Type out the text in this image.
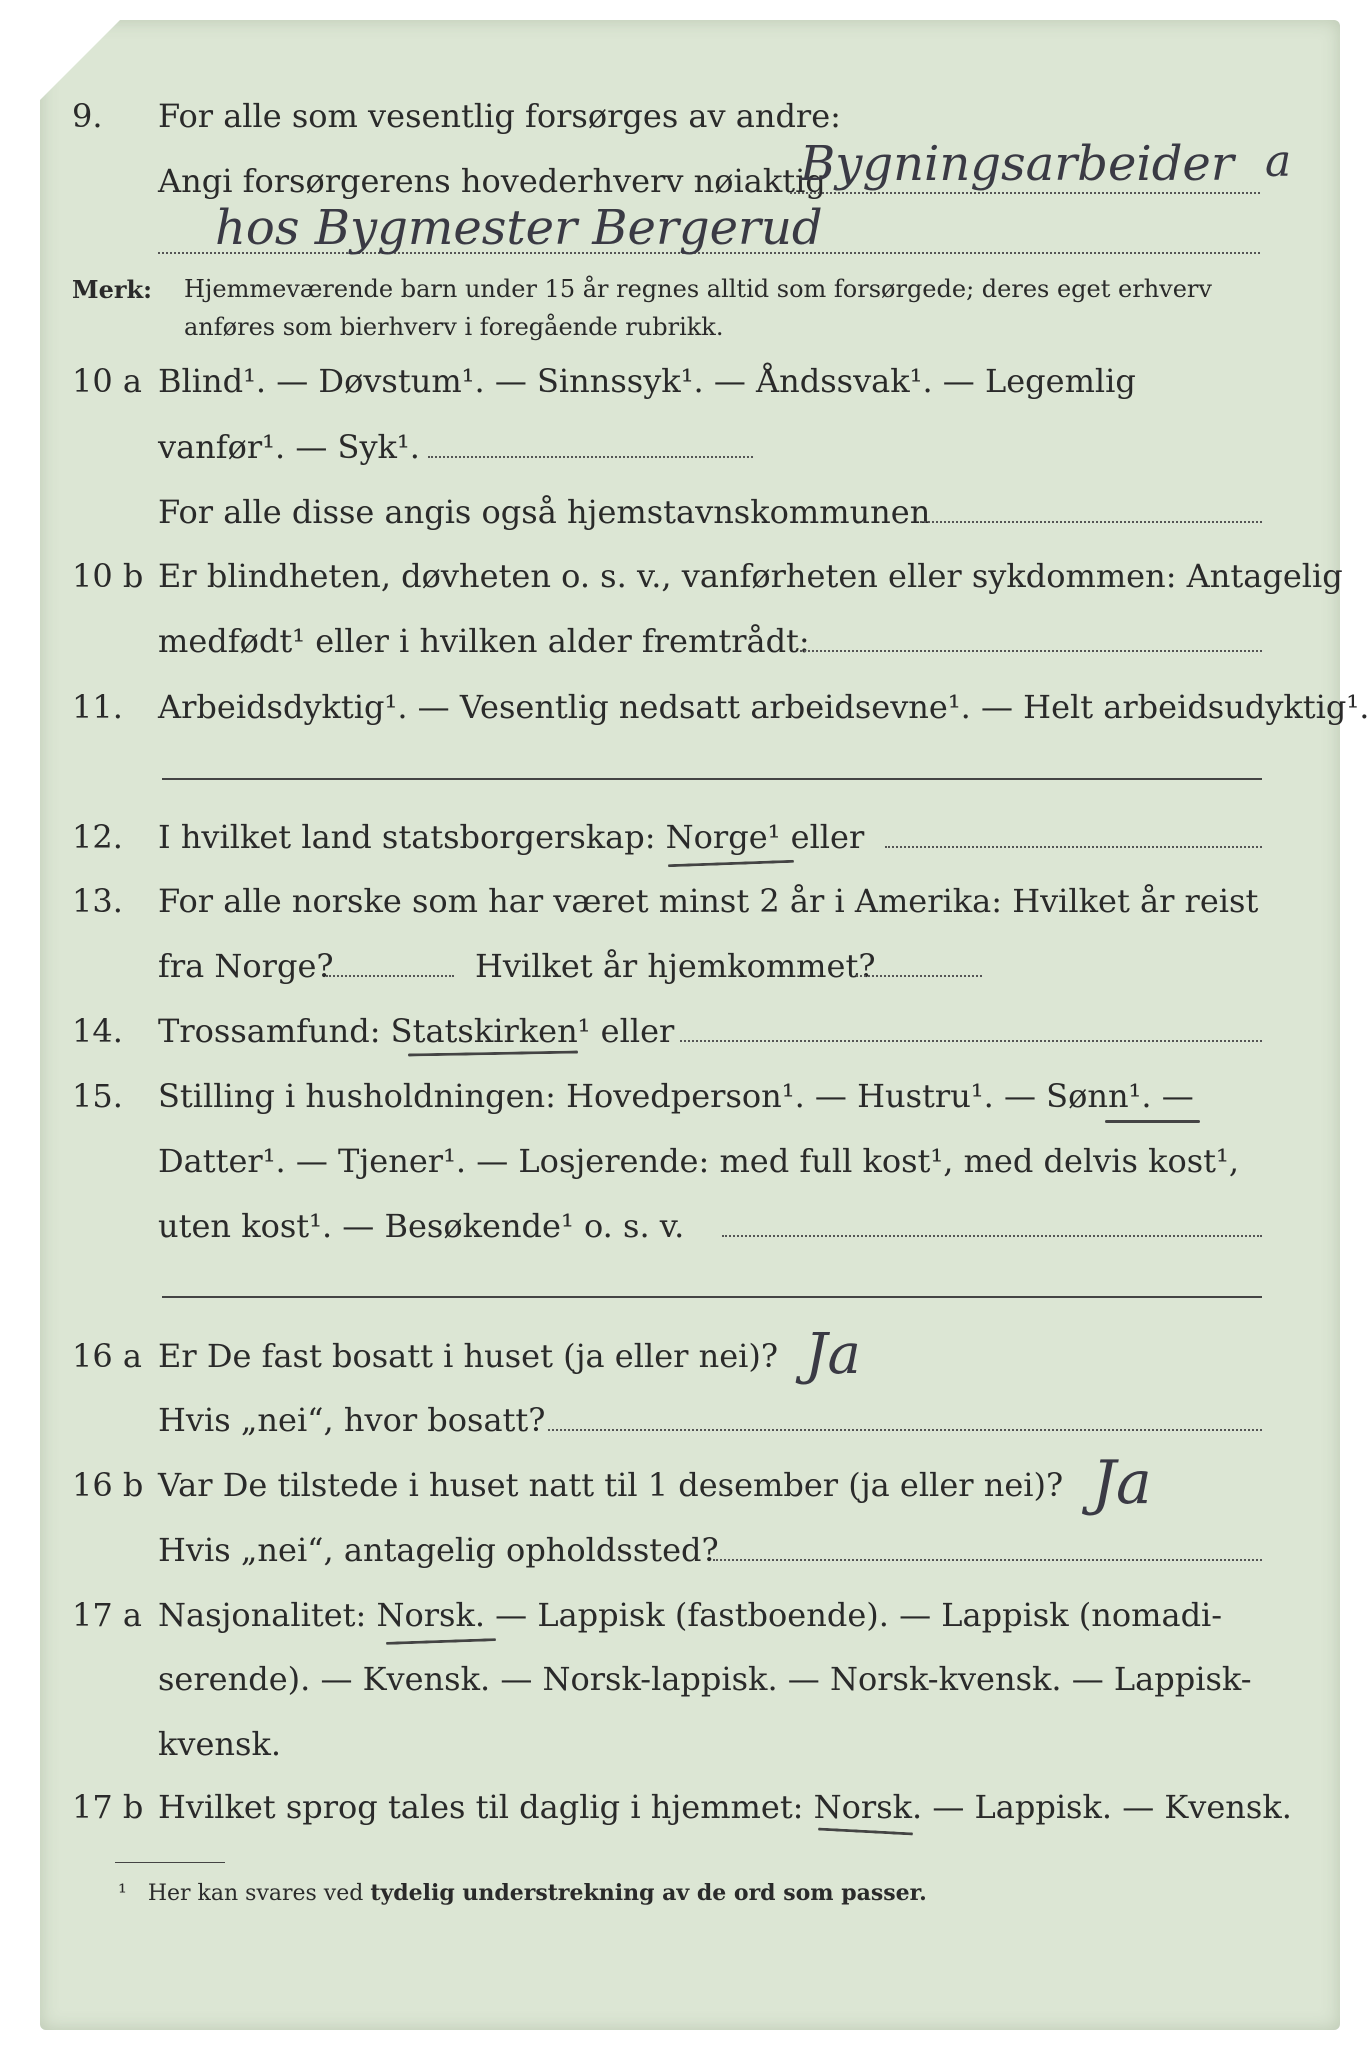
9. For alle som vesentlig forsørges av andre:
Angi forsørgerens hovederhverv nøiaktig
Bygningsarbeider a
hos Bygmester Bergerud
Merk: Hjemmeværende barn under 15 år regnes alltid som forsørgede; deres eget erhverv
anføres som bierhverv i foregående rubrikk.
10 a Blind¹. — Døvstum¹. — Sinnssyk¹. — Åndssvak¹. — Legemlig
vanfør¹. — Syk¹.
For alle disse angis også hjemstavnskommunen
10 b Er blindheten, døvheten o. s. v., vanførheten eller sykdommen: Antagelig
medfødt¹ eller i hvilken alder fremtrådt:
11. Arbeidsdyktig¹. — Vesentlig nedsatt arbeidsevne¹. — Helt arbeidsudyktig¹.
12. I hvilket land statsborgerskap: Norge¹ eller
13. For alle norske som har været minst 2 år i Amerika: Hvilket år reist
fra Norge?	Hvilket år hjemkommet?
14. Trossamfund: Statskirken¹ eller
15. Stilling i husholdningen: Hovedperson¹. — Hustru¹. — Sønn¹. —
Datter¹. — Tjener¹. — Losjerende: med full kost¹, med delvis kost¹,
uten kost¹. — Besøkende¹ o. s. v.
16 a Er De fast bosatt i huset (ja eller nei)? Ja
Hvis „nei“, hvor bosatt?
16 b Var De tilstede i huset natt til 1 desember (ja eller nei)? Ja
Hvis „nei“, antagelig opholdssted?
17 a Nasjonalitet: Norsk. — Lappisk (fastboende). — Lappisk (nomadi-
serende). — Kvensk. — Norsk-lappisk. — Norsk-kvensk. — Lappisk-
kvensk.
17 b Hvilket sprog tales til daglig i hjemmet: Norsk. — Lappisk. — Kvensk.
¹ Her kan svares ved tydelig understrekning av de ord som passer.
